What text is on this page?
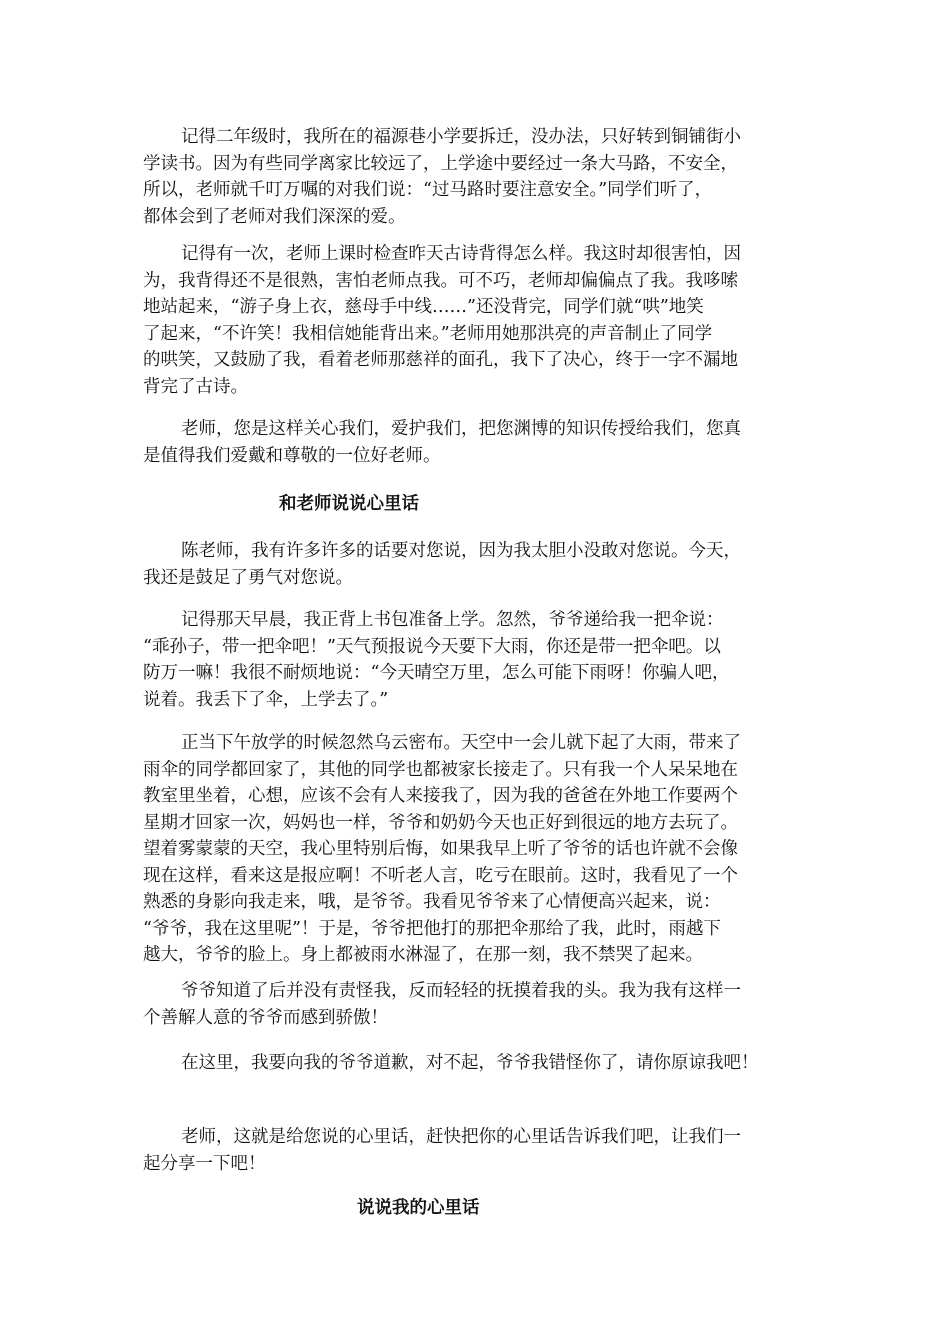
记得二年级时，我所在的福源巷小学要拆迁，没办法，只好转到铜铺街小
学读书。因为有些同学离家比较远了，上学途中要经过一条大马路，不安全，
所以，老师就千叮万嘱的对我们说：“过马路时要注意安全。”同学们听了，
都体会到了老师对我们深深的爱。
记得有一次，老师上课时检查昨天古诗背得怎么样。我这时却很害怕，因
为，我背得还不是很熟，害怕老师点我。可不巧，老师却偏偏点了我。我哆嗦
地站起来，“游子身上衣，慈母手中线……”还没背完，同学们就“哄”地笑
了起来，“不许笑！我相信她能背出来。”老师用她那洪亮的声音制止了同学
的哄笑，又鼓励了我，看着老师那慈祥的面孔，我下了决心，终于一字不漏地
背完了古诗。
老师，您是这样关心我们，爱护我们，把您渊博的知识传授给我们，您真
是值得我们爱戴和尊敬的一位好老师。
和老师说说心里话
陈老师，我有许多许多的话要对您说，因为我太胆小没敢对您说。今天，
我还是鼓足了勇气对您说。
记得那天早晨，我正背上书包准备上学。忽然，爷爷递给我一把伞说：
“乖孙子，带一把伞吧！”天气预报说今天要下大雨，你还是带一把伞吧。以
防万一嘛！我很不耐烦地说：“今天晴空万里，怎么可能下雨呀！你骗人吧，
说着。我丢下了伞，上学去了。”
正当下午放学的时候忽然乌云密布。天空中一会儿就下起了大雨，带来了
雨伞的同学都回家了，其他的同学也都被家长接走了。只有我一个人呆呆地在
教室里坐着，心想，应该不会有人来接我了，因为我的爸爸在外地工作要两个
星期才回家一次，妈妈也一样，爷爷和奶奶今天也正好到很远的地方去玩了。
望着雾蒙蒙的天空，我心里特别后悔，如果我早上听了爷爷的话也许就不会像
现在这样，看来这是报应啊！不听老人言，吃亏在眼前。这时，我看见了一个
熟悉的身影向我走来，哦，是爷爷。我看见爷爷来了心情便高兴起来，说：
“爷爷，我在这里呢”！于是，爷爷把他打的那把伞那给了我，此时，雨越下
越大，爷爷的脸上。身上都被雨水淋湿了，在那一刻，我不禁哭了起来。
爷爷知道了后并没有责怪我，反而轻轻的抚摸着我的头。我为我有这样一
个善解人意的爷爷而感到骄傲！
在这里，我要向我的爷爷道歉，对不起，爷爷我错怪你了，请你原谅我吧！
老师，这就是给您说的心里话，赶快把你的心里话告诉我们吧，让我们一
起分享一下吧！
说说我的心里话
